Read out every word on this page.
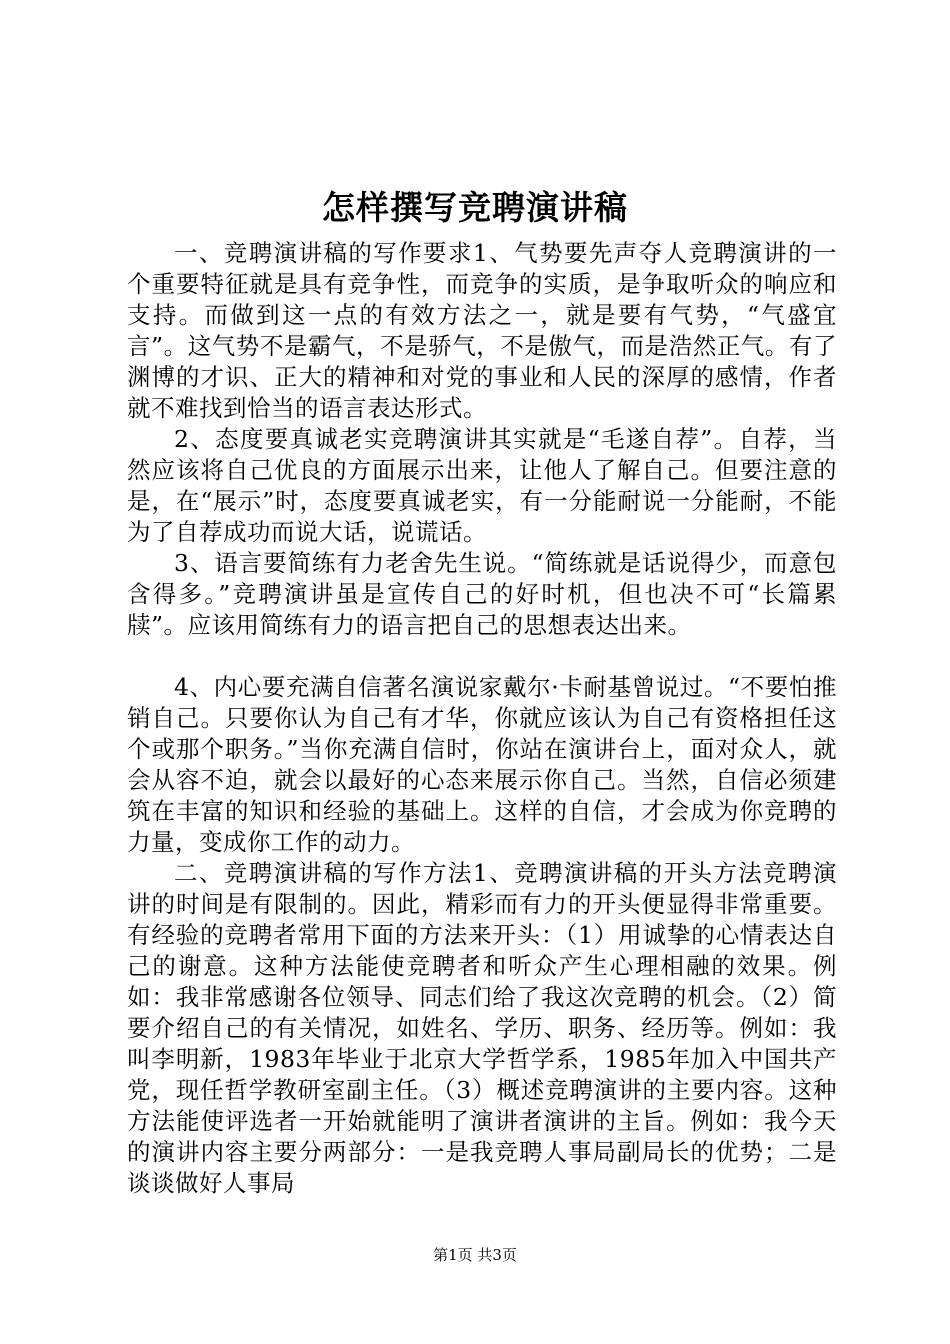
怎样撰写竞聘演讲稿

一、竞聘演讲稿的写作要求1、气势要先声夺人竞聘演讲的一个重要特征就是具有竞争性，而竞争的实质，是争取听众的响应和支持。而做到这一点的有效方法之一，就是要有气势，“气盛宜言”。这气势不是霸气，不是骄气，不是傲气，而是浩然正气。有了渊博的才识、正大的精神和对党的事业和人民的深厚的感情，作者就不难找到恰当的语言表达形式。

2、态度要真诚老实竞聘演讲其实就是“毛遂自荐”。自荐，当然应该将自己优良的方面展示出来，让他人了解自己。但要注意的是，在“展示”时，态度要真诚老实，有一分能耐说一分能耐，不能为了自荐成功而说大话，说谎话。

3、语言要简练有力老舍先生说。“简练就是话说得少，而意包含得多。”竞聘演讲虽是宣传自己的好时机，但也决不可“长篇累牍”。应该用简练有力的语言把自己的思想表达出来。

4、内心要充满自信著名演说家戴尔·卡耐基曾说过。“不要怕推销自己。只要你认为自己有才华，你就应该认为自己有资格担任这个或那个职务。”当你充满自信时，你站在演讲台上，面对众人，就会从容不迫，就会以最好的心态来展示你自己。当然，自信必须建筑在丰富的知识和经验的基础上。这样的自信，才会成为你竞聘的力量，变成你工作的动力。

二、竞聘演讲稿的写作方法1、竞聘演讲稿的开头方法竞聘演讲的时间是有限制的。因此，精彩而有力的开头便显得非常重要。有经验的竞聘者常用下面的方法来开头：（1）用诚挚的心情表达自己的谢意。这种方法能使竞聘者和听众产生心理相融的效果。例如：我非常感谢各位领导、同志们给了我这次竞聘的机会。（2）简要介绍自己的有关情况，如姓名、学历、职务、经历等。例如：我叫李明新，1983年毕业于北京大学哲学系，1985年加入中国共产党，现任哲学教研室副主任。（3）概述竞聘演讲的主要内容。这种方法能使评选者一开始就能明了演讲者演讲的主旨。例如：我今天的演讲内容主要分两部分：一是我竞聘人事局副局长的优势；二是谈谈做好人事局

第1页 共3页
